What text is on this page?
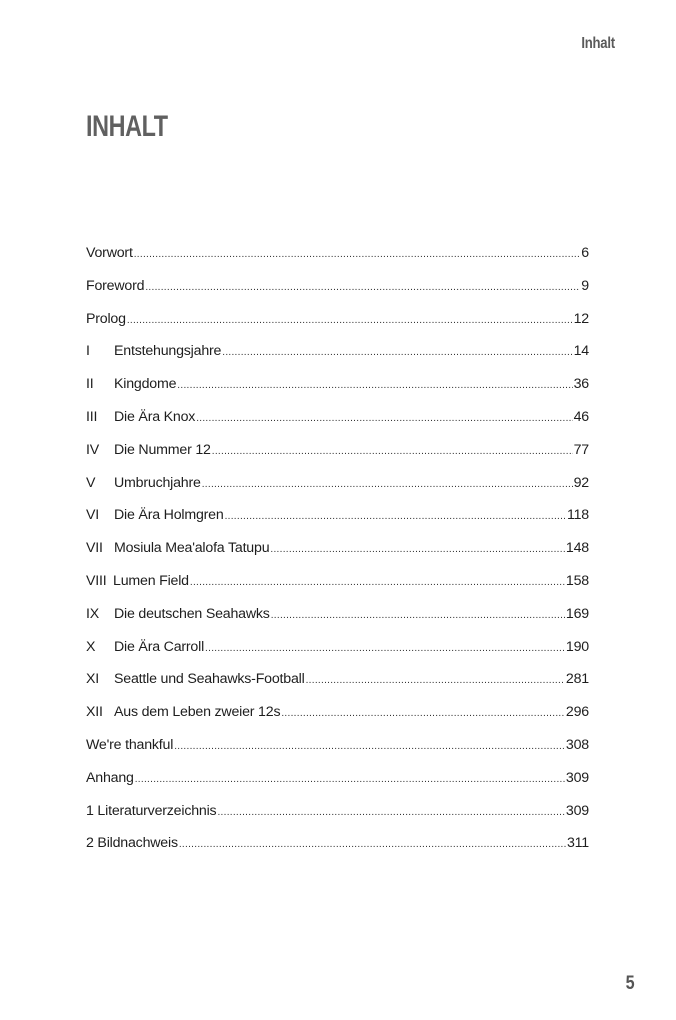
Inhalt
INHALT
Vorwort .....	6
Foreword .....	9
Prolog .....	12
I	Entstehungsjahre .....	14
II	Kingdome .....	36
III	Die Ära Knox .....	46
IV	Die Nummer 12 .....	77
V	Umbruchjahre .....	92
VI	Die Ära Holmgren .....	118
VII Mosiula Mea'alofa Tatupu .....	148
VIII Lumen Field .....	158
IX	Die deutschen Seahawks .....	169
X	Die Ära Carroll .....	190
XI	Seattle und Seahawks-Football .....	281
XII Aus dem Leben zweier 12s .....	296
We're thankful .....	308
Anhang .....	309
1 Literaturverzeichnis .....	309
2 Bildnachweis .....	311
5
